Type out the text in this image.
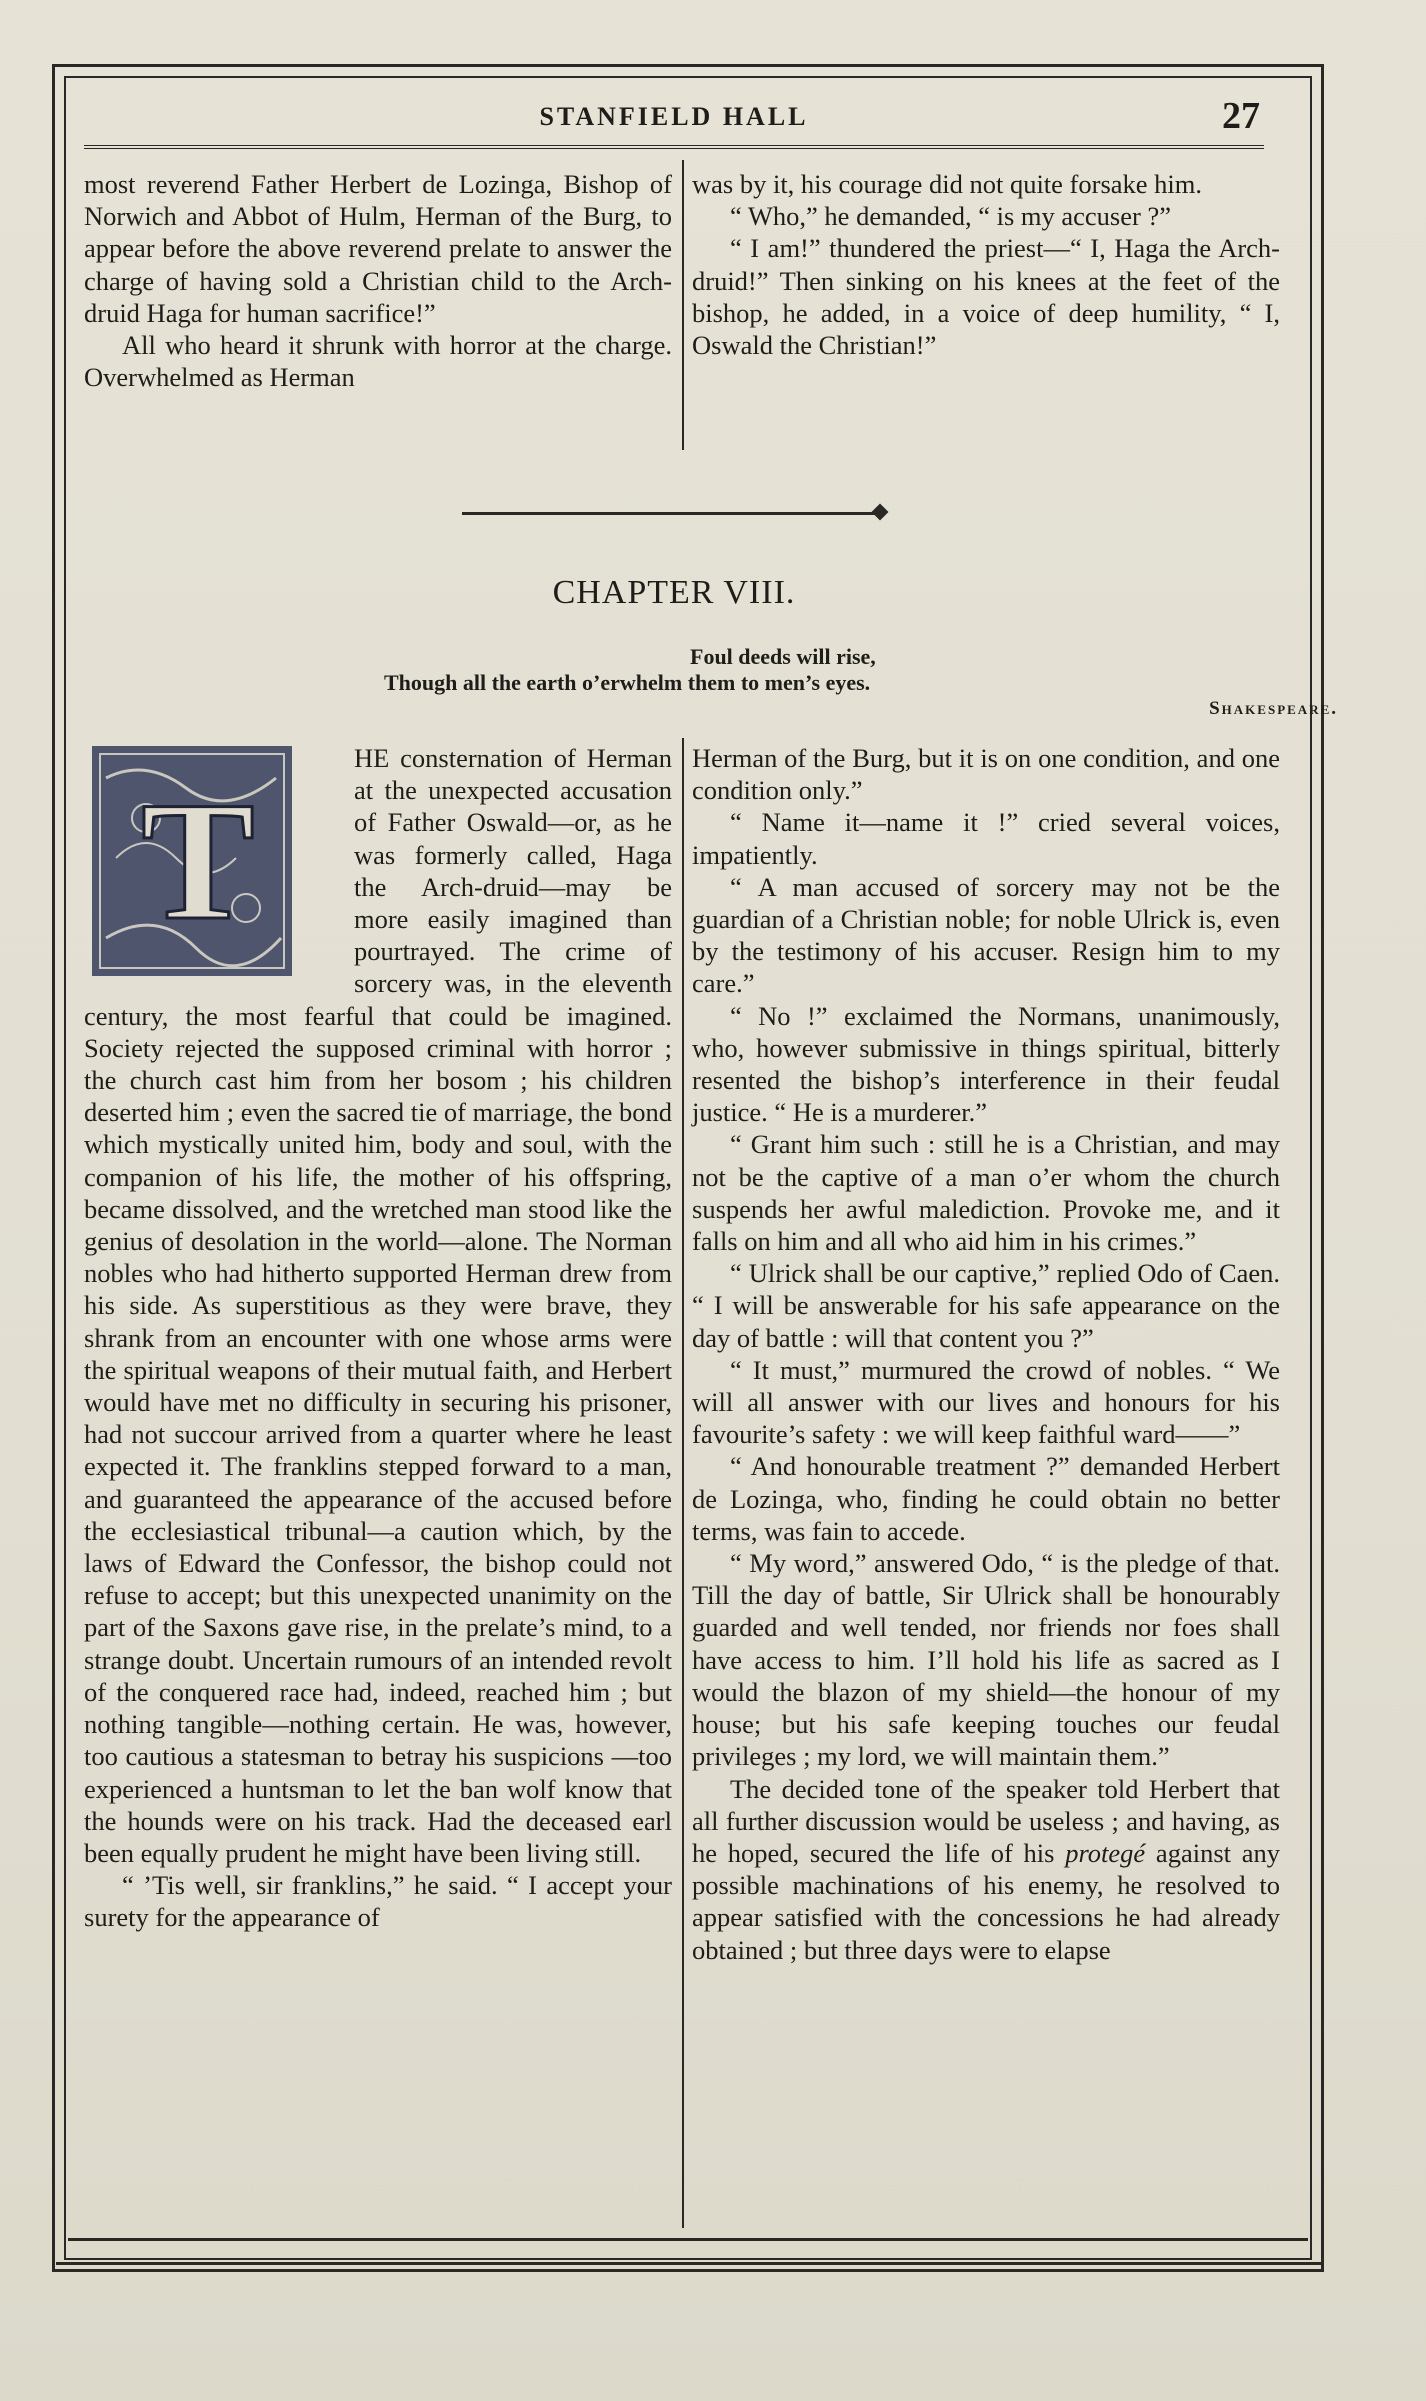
STANFIELD HALL	27

most reverend Father Herbert de Lozinga, Bishop of Norwich and Abbot of Hulm, Herman of the Burg, to appear before the above reverend prelate to answer the charge of having sold a Christian child to the Arch-druid Haga for human sacrifice!”

All who heard it shrunk with horror at the charge. Overwhelmed as Herman

was by it, his courage did not quite forsake him.

“ Who,” he demanded, “ is my accuser ?”

“ I am!” thundered the priest—“ I, Haga the Arch-druid!” Then sinking on his knees at the feet of the bishop, he added, in a voice of deep humility, “ I, Oswald the Christian!”

CHAPTER VIII.
Foul deeds will rise,
Though all the earth o’erwhelm them to men’s eyes.
Shakespeare.

HE consternation of Herman at the unexpected accusation of Father Oswald—or, as he was formerly called, Haga the Arch-druid—may be more easily imagined than pourtrayed. The crime of sorcery was, in the eleventh century, the most fearful that could be imagined. Society rejected the supposed criminal with horror ; the church cast him from her bosom ; his children deserted him ; even the sacred tie of marriage, the bond which mystically united him, body and soul, with the companion of his life, the mother of his offspring, became dissolved, and the wretched man stood like the genius of desolation in the world—alone. The Norman nobles who had hitherto supported Herman drew from his side. As superstitious as they were brave, they shrank from an encounter with one whose arms were the spiritual weapons of their mutual faith, and Herbert would have met no difficulty in securing his prisoner, had not succour arrived from a quarter where he least expected it. The franklins stepped forward to a man, and guaranteed the appearance of the accused before the ecclesiastical tribunal—a caution which, by the laws of Edward the Confessor, the bishop could not refuse to accept; but this unexpected unanimity on the part of the Saxons gave rise, in the prelate’s mind, to a strange doubt. Uncertain rumours of an intended revolt of the conquered race had, indeed, reached him ; but nothing tangible—nothing certain. He was, however, too cautious a statesman to betray his suspicions —too experienced a huntsman to let the ban wolf know that the hounds were on his track. Had the deceased earl been equally prudent he might have been living still.

“ ’Tis well, sir franklins,” he said. “ I accept your surety for the appearance of

T

Herman of the Burg, but it is on one condition, and one condition only.”

“ Name it—name it !” cried several voices, impatiently.

“ A man accused of sorcery may not be the guardian of a Christian noble; for noble Ulrick is, even by the testimony of his accuser. Resign him to my care.”

“ No !” exclaimed the Normans, unanimously, who, however submissive in things spiritual, bitterly resented the bishop’s interference in their feudal justice. “ He is a murderer.”

“ Grant him such : still he is a Christian, and may not be the captive of a man o’er whom the church suspends her awful malediction. Provoke me, and it falls on him and all who aid him in his crimes.”

“ Ulrick shall be our captive,” replied Odo of Caen. “ I will be answerable for his safe appearance on the day of battle : will that content you ?”

“ It must,” murmured the crowd of nobles. “ We will all answer with our lives and honours for his favourite’s safety : we will keep faithful ward——”

“ And honourable treatment ?” demanded Herbert de Lozinga, who, finding he could obtain no better terms, was fain to accede.

“ My word,” answered Odo, “ is the pledge of that. Till the day of battle, Sir Ulrick shall be honourably guarded and well tended, nor friends nor foes shall have access to him. I’ll hold his life as sacred as I would the blazon of my shield—the honour of my house; but his safe keeping touches our feudal privileges ; my lord, we will maintain them.”

The decided tone of the speaker told Herbert that all further discussion would be useless ; and having, as he hoped, secured the life of his protegé against any possible machinations of his enemy, he resolved to appear satisfied with the concessions he had already obtained ; but three days were to elapse
